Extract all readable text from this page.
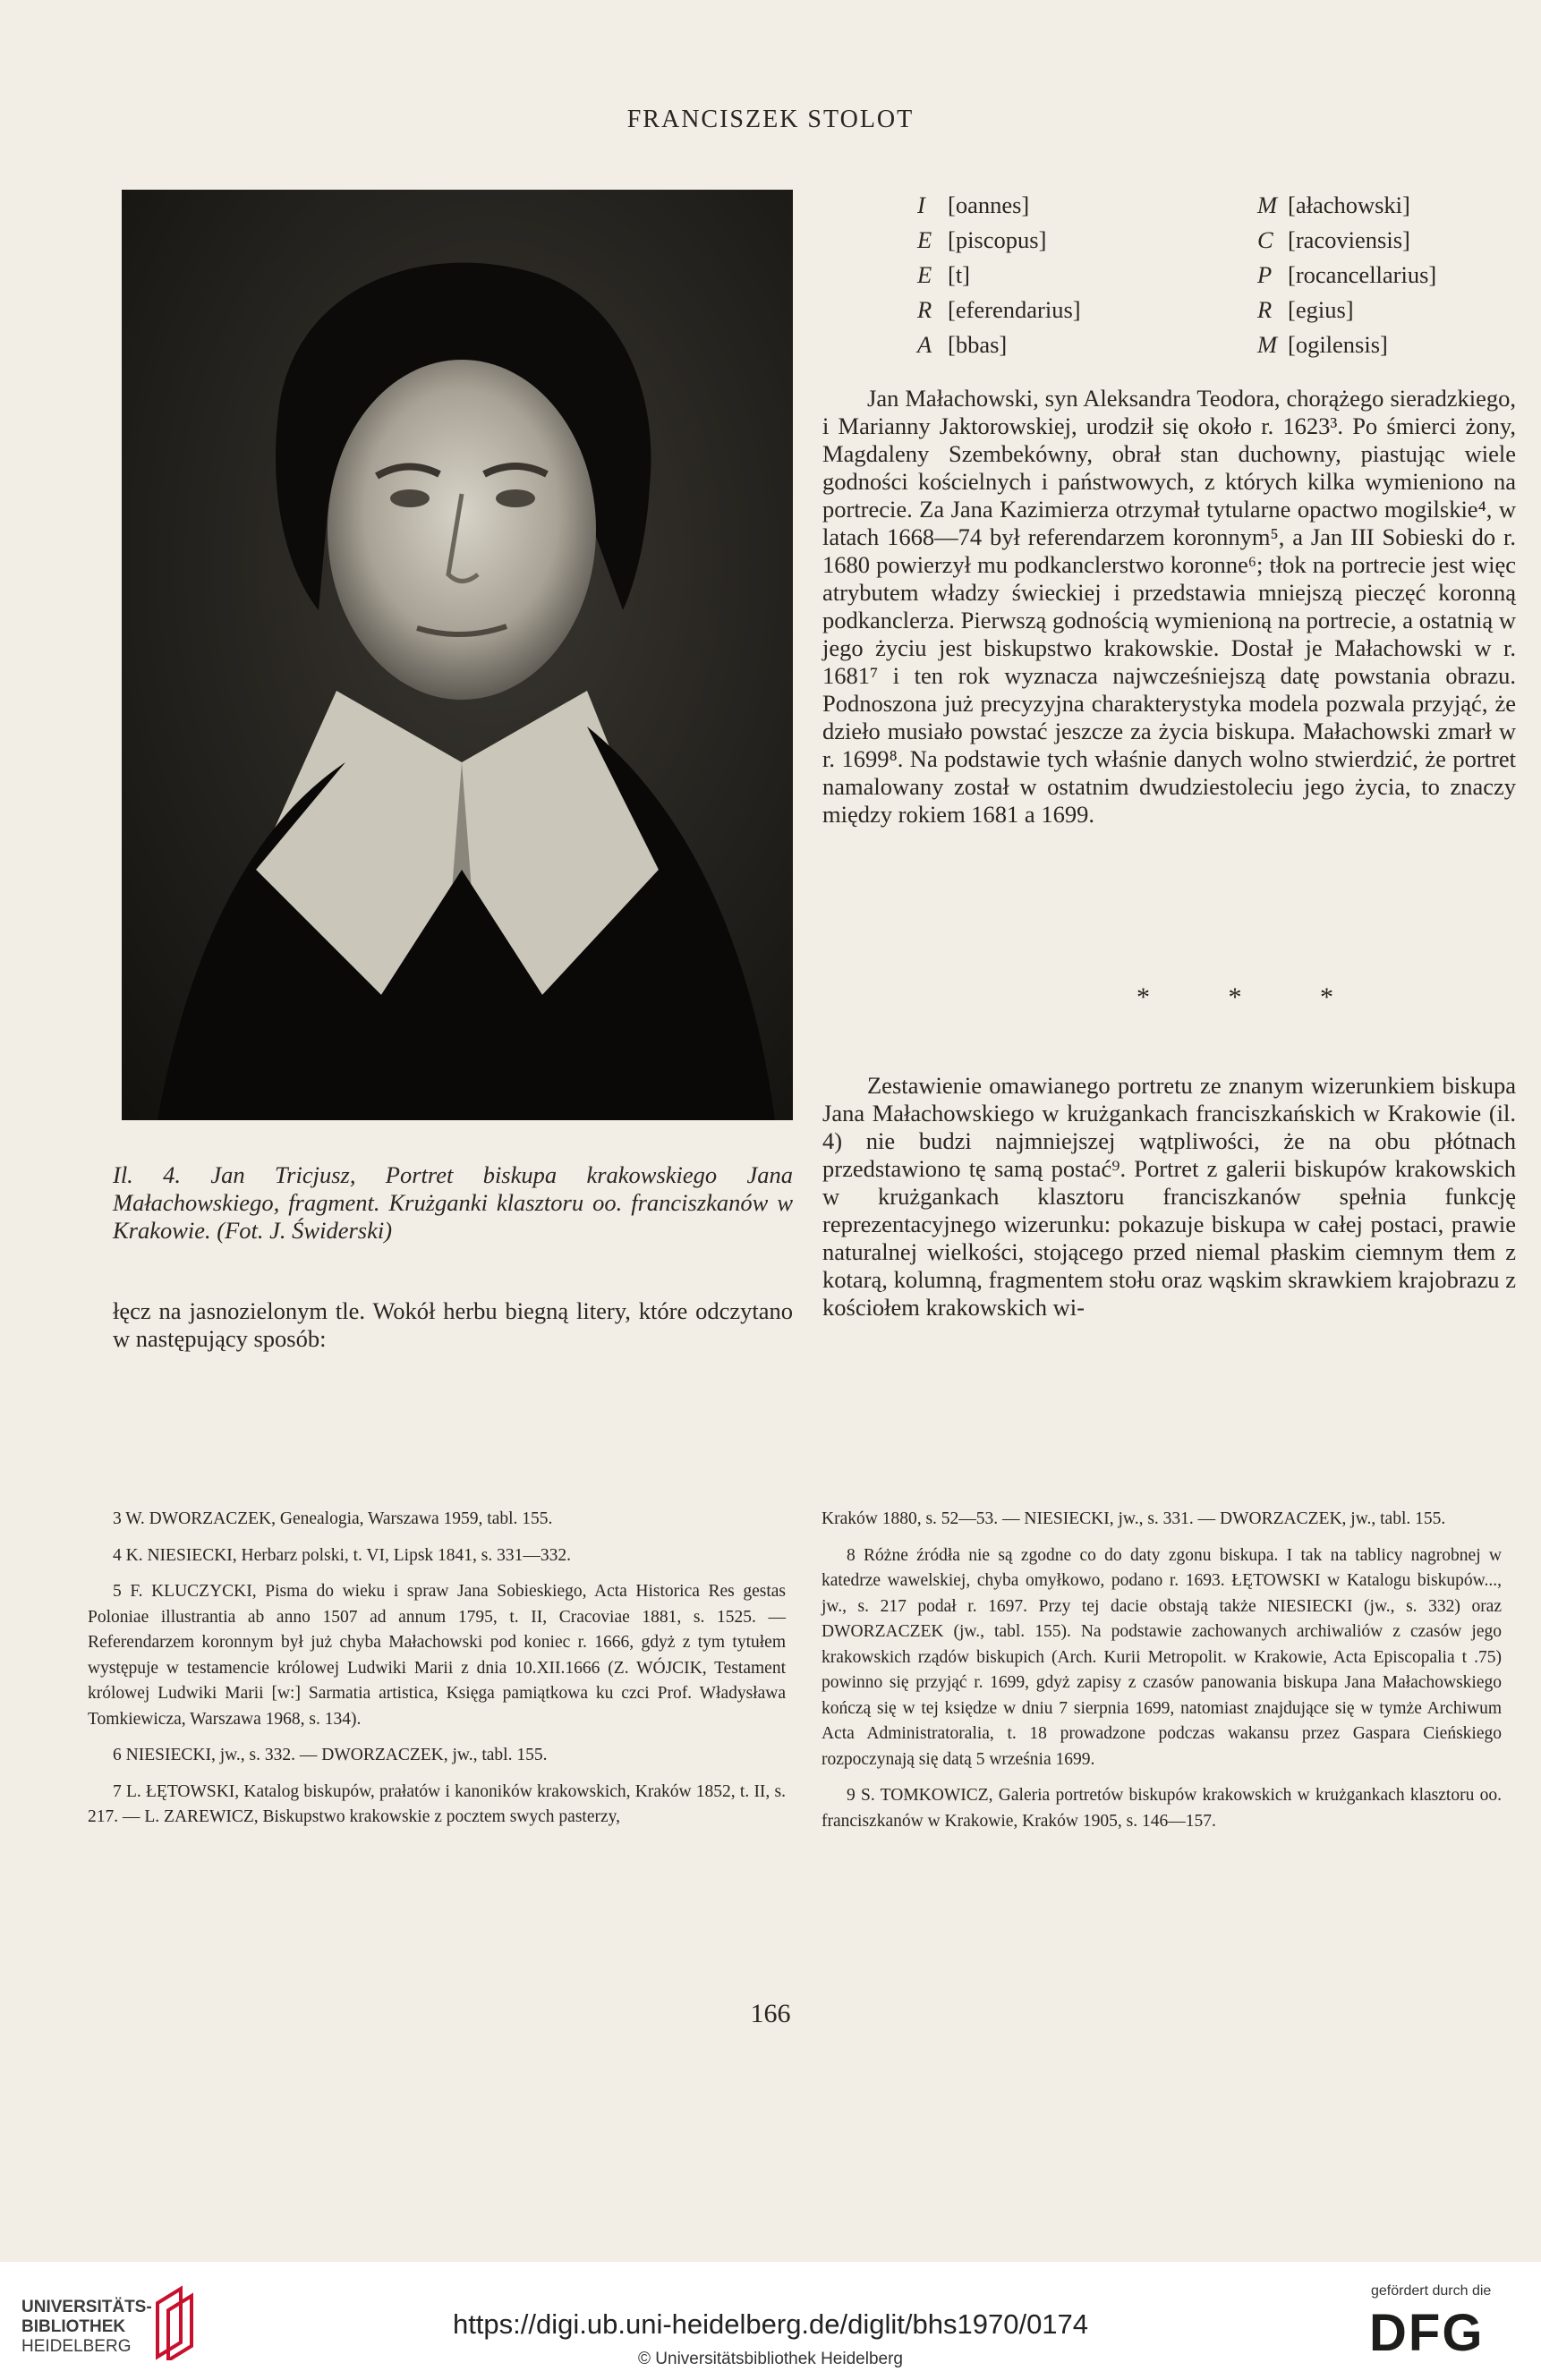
FRANCISZEK STOLOT
I [oannes]
E [piscopus]
E [t]
R [eferendarius]
A [bbas]
M [ałachowski]
C [racoviensis]
P [rocancellarius]
R [egius]
M [ogilensis]
Jan Małachowski, syn Aleksandra Teodora, chorążego sieradzkiego, i Marianny Jaktorowskiej, urodził się około r. 1623³. Po śmierci żony, Magdaleny Szembekówny, obrał stan duchowny, piastując wiele godności kościelnych i państwowych, z których kilka wymieniono na portrecie. Za Jana Kazimierza otrzymał tytularne opactwo mogilskie⁴, w latach 1668—74 był referendarzem koronnym⁵, a Jan III Sobieski do r. 1680 powierzył mu podkanclerstwo koronne⁶; tłok na portrecie jest więc atrybutem władzy świeckiej i przedstawia mniejszą pieczęć koronną podkanclerza. Pierwszą godnością wymienioną na portrecie, a ostatnią w jego życiu jest biskupstwo krakowskie. Dostał je Małachowski w r. 1681⁷ i ten rok wyznacza najwcześniejszą datę powstania obrazu. Podnoszona już precyzyjna charakterystyka modela pozwala przyjąć, że dzieło musiało powstać jeszcze za życia biskupa. Małachowski zmarł w r. 1699⁸. Na podstawie tych właśnie danych wolno stwierdzić, że portret namalowany został w ostatnim dwudziestoleciu jego życia, to znaczy między rokiem 1681 a 1699.
* * *
Zestawienie omawianego portretu ze znanym wizerunkiem biskupa Jana Małachowskiego w krużgankach franciszkańskich w Krakowie (il. 4) nie budzi najmniejszej wątpliwości, że na obu płótnach przedstawiono tę samą postać⁹. Portret z galerii biskupów krakowskich w krużgankach klasztoru franciszkanów spełnia funkcję reprezentacyjnego wizerunku: pokazuje biskupa w całej postaci, prawie naturalnej wielkości, stojącego przed niemal płaskim ciemnym tłem z kotarą, kolumną, fragmentem stołu oraz wąskim skrawkiem krajobrazu z kościołem krakowskich wi-
Il. 4. Jan Tricjusz, Portret biskupa krakowskiego Jana Małachowskiego, fragment. Krużganki klasztoru oo. franciszkanów w Krakowie. (Fot. J. Świderski)
łęcz na jasnozielonym tle. Wokół herbu biegną litery, które odczytano w następujący sposób:

3 W. DWORZACZEK, Genealogia, Warszawa 1959, tabl. 155.

4 K. NIESIECKI, Herbarz polski, t. VI, Lipsk 1841, s. 331—332.

5 F. KLUCZYCKI, Pisma do wieku i spraw Jana Sobieskiego, Acta Historica Res gestas Poloniae illustrantia ab anno 1507 ad annum 1795, t. II, Cracoviae 1881, s. 1525. — Referendarzem koronnym był już chyba Małachowski pod koniec r. 1666, gdyż z tym tytułem występuje w testamencie królowej Ludwiki Marii z dnia 10.XII.1666 (Z. WÓJCIK, Testament królowej Ludwiki Marii [w:] Sarmatia artistica, Księga pamiątkowa ku czci Prof. Władysława Tomkiewicza, Warszawa 1968, s. 134).

6 NIESIECKI, jw., s. 332. — DWORZACZEK, jw., tabl. 155.

7 L. ŁĘTOWSKI, Katalog biskupów, prałatów i kanoników krakowskich, Kraków 1852, t. II, s. 217. — L. ZAREWICZ, Biskupstwo krakowskie z pocztem swych pasterzy,

Kraków 1880, s. 52—53. — NIESIECKI, jw., s. 331. — DWORZACZEK, jw., tabl. 155.

8 Różne źródła nie są zgodne co do daty zgonu biskupa. I tak na tablicy nagrobnej w katedrze wawelskiej, chyba omyłkowo, podano r. 1693. ŁĘTOWSKI w Katalogu biskupów..., jw., s. 217 podał r. 1697. Przy tej dacie obstają także NIESIECKI (jw., s. 332) oraz DWORZACZEK (jw., tabl. 155). Na podstawie zachowanych archiwaliów z czasów jego krakowskich rządów biskupich (Arch. Kurii Metropolit. w Krakowie, Acta Episcopalia t .75) powinno się przyjąć r. 1699, gdyż zapisy z czasów panowania biskupa Jana Małachowskiego kończą się w tej księdze w dniu 7 sierpnia 1699, natomiast znajdujące się w tymże Archiwum Acta Administratoralia, t. 18 prowadzone podczas wakansu przez Gaspara Cieńskiego rozpoczynają się datą 5 września 1699.

9 S. TOMKOWICZ, Galeria portretów biskupów krakowskich w krużgankach klasztoru oo. franciszkanów w Krakowie, Kraków 1905, s. 146—157.

166
UNIVERSITÄTS-
BIBLIOTHEK
HEIDELBERG
https://digi.ub.uni-heidelberg.de/diglit/bhs1970/0174
© Universitätsbibliothek Heidelberg
gefördert durch die
DFG
